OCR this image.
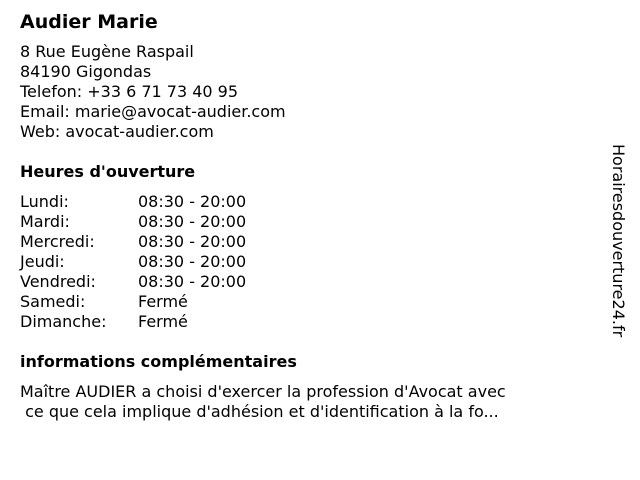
Audier Marie
8 Rue Eugène Raspail
84190 Gigondas
Telefon: +33 6 71 73 40 95
Email: marie@avocat-audier.com
Web: avocat-audier.com
Heures d'ouverture
Lundi:	08:30 - 20:00
Mardi:	08:30 - 20:00
Mercredi:	08:30 - 20:00
Jeudi:	08:30 - 20:00
Vendredi:	08:30 - 20:00
Samedi:	Fermé
Dimanche:	Fermé
informations complémentaires
Maître AUDIER a choisi d'exercer la profession d'Avocat avec
ce que cela implique d'adhésion et d'identification à la fo...
Horairesdouverture24.fr
